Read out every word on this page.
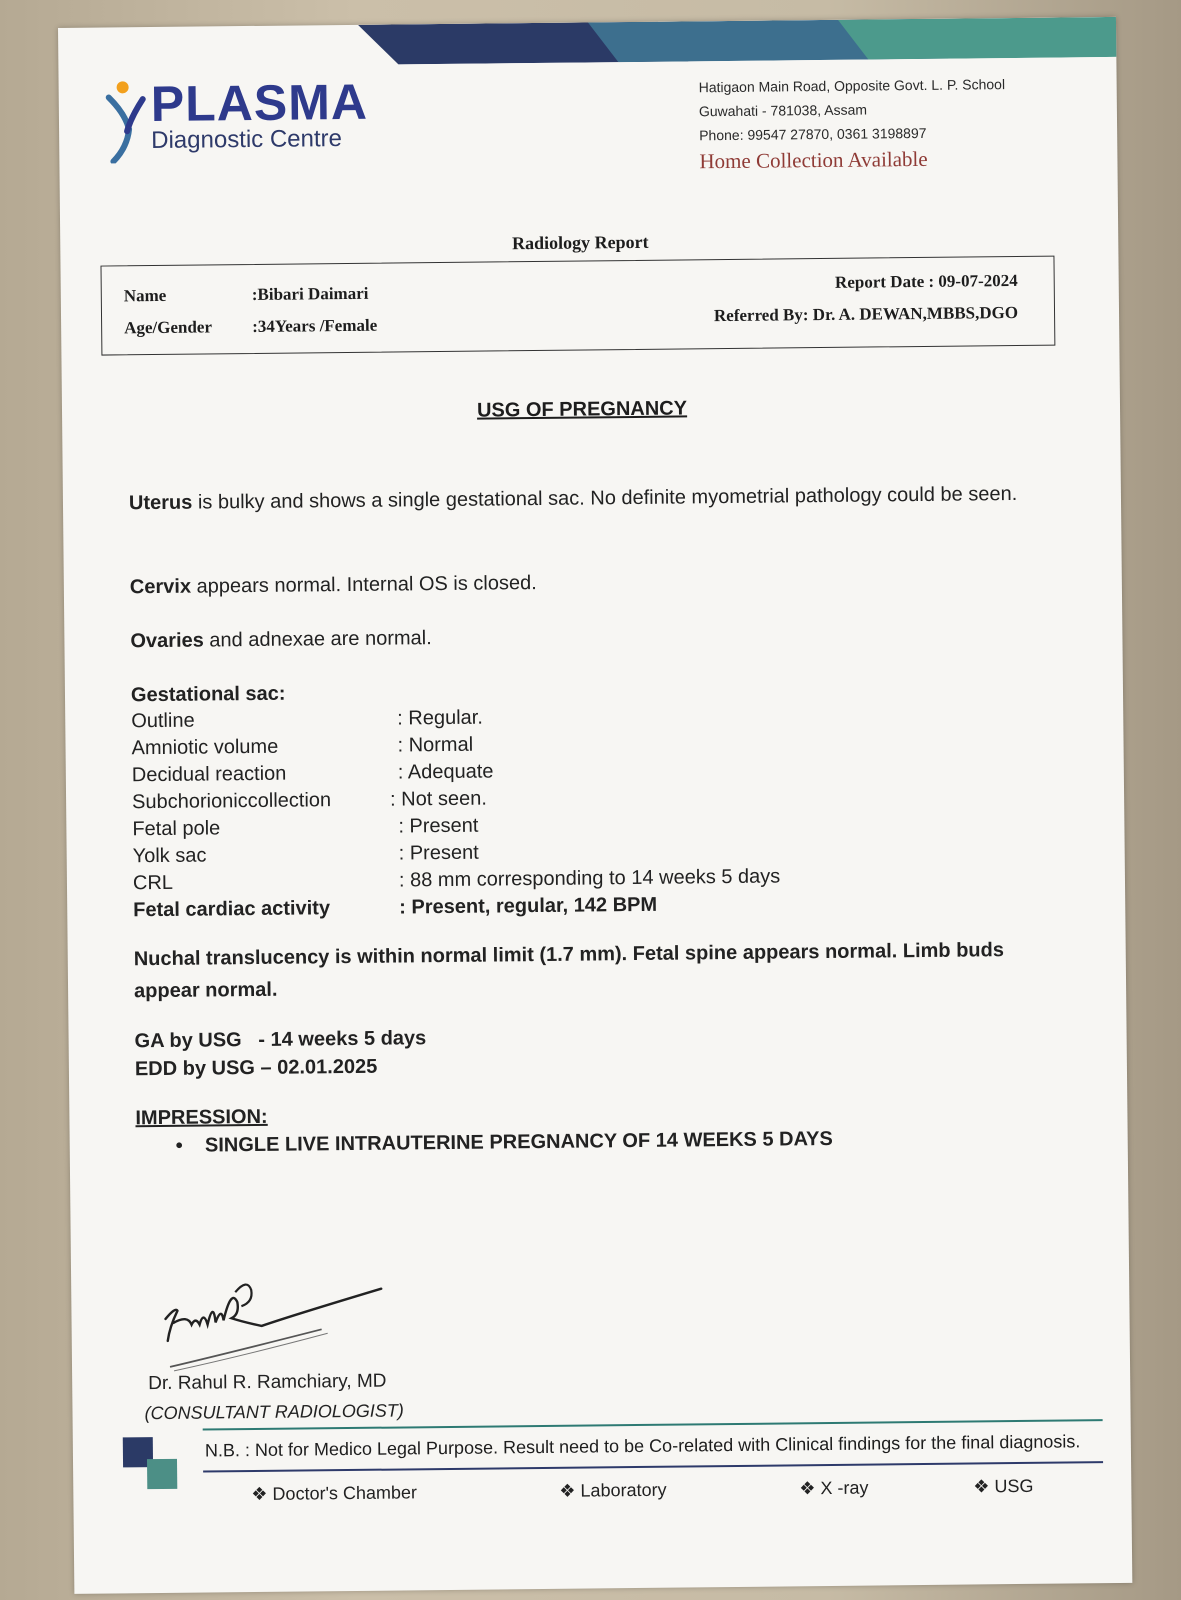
PLASMA
Diagnostic Centre
Hatigaon Main Road, Opposite Govt. L. P. School
Guwahati - 781038, Assam
Phone: 99547 27870, 0361 3198897
Home Collection Available
Radiology Report
Name	:Bibari Daimari
Report Date : 09-07-2024
Age/Gender :34Years /Female
Referred By: Dr. A. DEWAN,MBBS,DGO
USG OF PREGNANCY
Uterus is bulky and shows a single gestational sac. No definite myometrial pathology could be seen.
Cervix appears normal. Internal OS is closed.
Ovaries and adnexae are normal.
Gestational sac:
Outline	: Regular.
Amniotic volume	: Normal
Decidual reaction	: Adequate
Subchorioniccollection	: Not seen.
Fetal pole	: Present
Yolk sac	: Present
CRL	: 88 mm corresponding to 14 weeks 5 days
Fetal cardiac activity	: Present, regular, 142 BPM
Nuchal translucency is within normal limit (1.7 mm). Fetal spine appears normal. Limb buds appear normal.
GA by USG   - 14 weeks 5 days
EDD by USG – 02.01.2025
IMPRESSION:
•    SINGLE LIVE INTRAUTERINE PREGNANCY OF 14 WEEKS 5 DAYS
Dr. Rahul R. Ramchiary, MD
(CONSULTANT RADIOLOGIST)
N.B. : Not for Medico Legal Purpose. Result need to be Co-related with Clinical findings for the final diagnosis.
❖ Doctor's Chamber	❖ Laboratory	❖ X -ray	❖ USG
